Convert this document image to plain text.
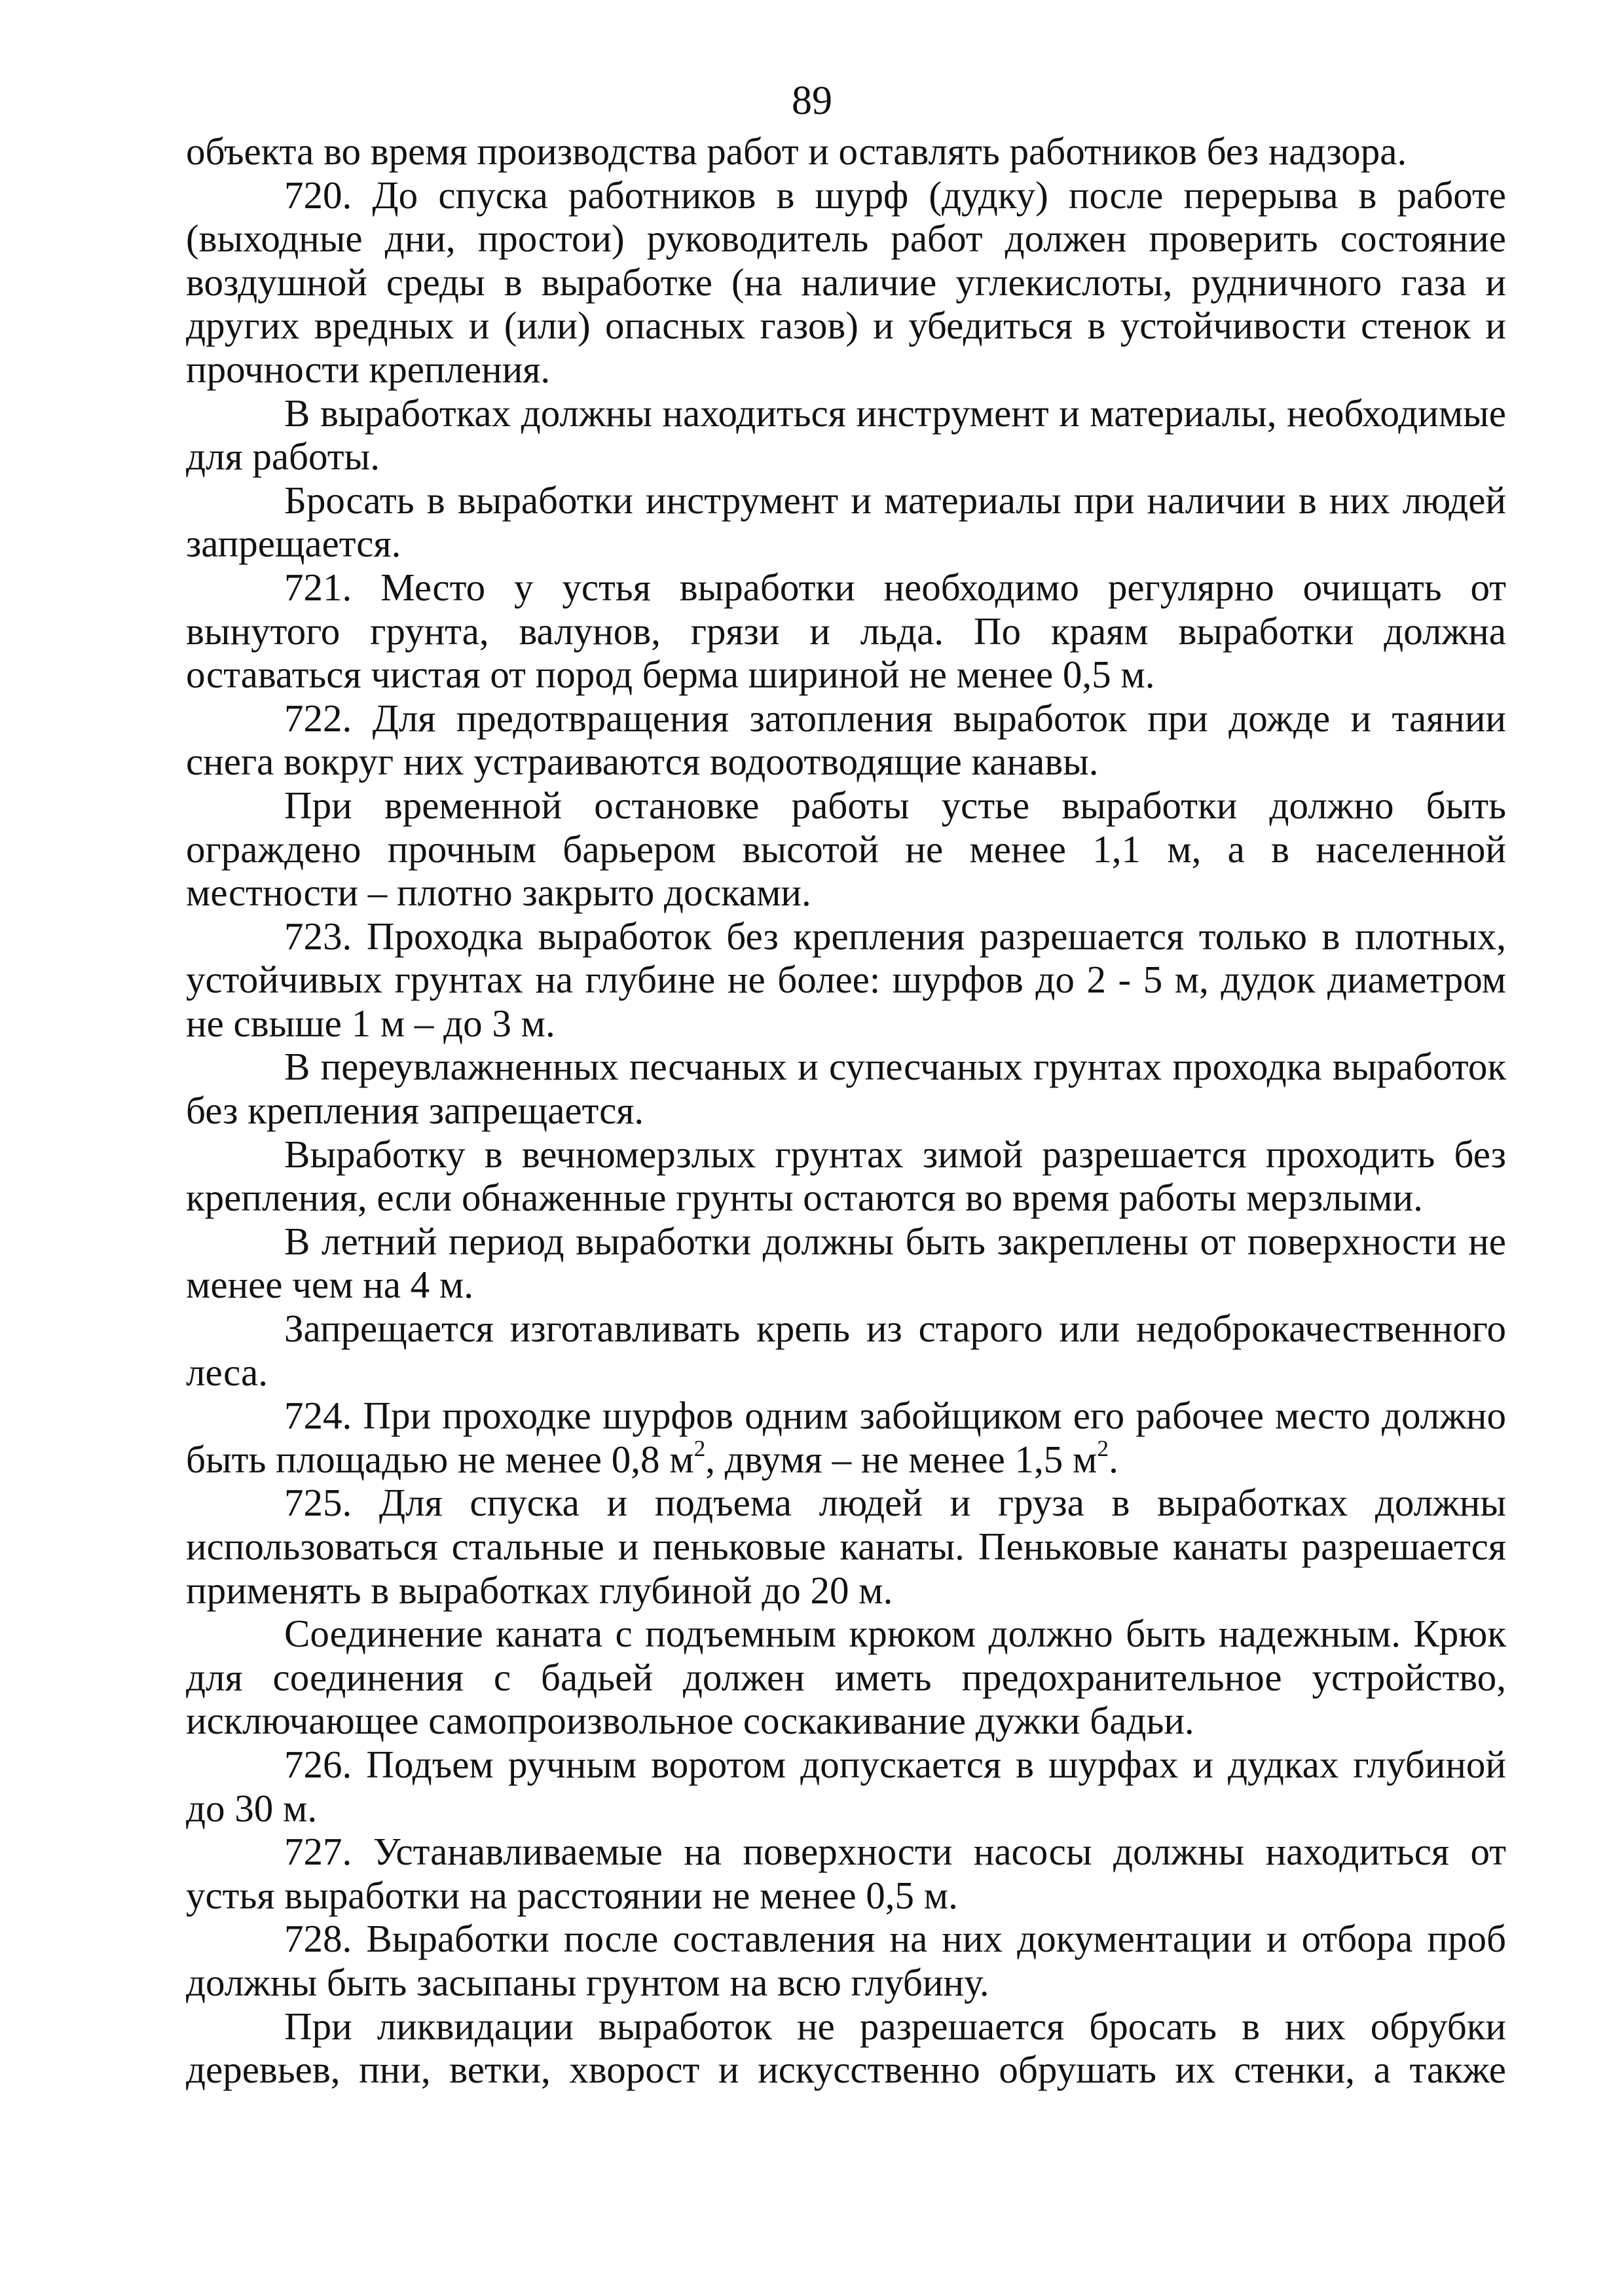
89

объекта во время производства работ и оставлять работников без надзора.

720. До спуска работников в шурф (дудку) после перерыва в работе (выходные дни, простои) руководитель работ должен проверить состояние воздушной среды в выработке (на наличие углекислоты, рудничного газа и других вредных и (или) опасных газов) и убедиться в устойчивости стенок и прочности крепления.

В выработках должны находиться инструмент и материалы, необходимые для работы.

Бросать в выработки инструмент и материалы при наличии в них людей запрещается.

721. Место у устья выработки необходимо регулярно очищать от вынутого грунта, валунов, грязи и льда. По краям выработки должна оставаться чистая от пород берма шириной не менее 0,5 м.

722. Для предотвращения затопления выработок при дожде и таянии снега вокруг них устраиваются водоотводящие канавы.

При временной остановке работы устье выработки должно быть ограждено прочным барьером высотой не менее 1,1 м, а в населенной местности – плотно закрыто досками.

723. Проходка выработок без крепления разрешается только в плотных, устойчивых грунтах на глубине не более: шурфов до 2 - 5 м, дудок диаметром не свыше 1 м – до 3 м.

В переувлажненных песчаных и супесчаных грунтах проходка выработок без крепления запрещается.

Выработку в вечномерзлых грунтах зимой разрешается проходить без крепления, если обнаженные грунты остаются во время работы мерзлыми.

В летний период выработки должны быть закреплены от поверхности не менее чем на 4 м.

Запрещается изготавливать крепь из старого или недоброкачественного леса.

724. При проходке шурфов одним забойщиком его рабочее место должно быть площадью не менее 0,8 $м^2$, двумя – не менее 1,5 $м^2$.

725. Для спуска и подъема людей и груза в выработках должны использоваться стальные и пеньковые канаты. Пеньковые канаты разрешается применять в выработках глубиной до 20 м.

Соединение каната с подъемным крюком должно быть надежным. Крюк для соединения с бадьей должен иметь предохранительное устройство, исключающее самопроизвольное соскакивание дужки бадьи.

726. Подъем ручным воротом допускается в шурфах и дудках глубиной до 30 м.

727. Устанавливаемые на поверхности насосы должны находиться от устья выработки на расстоянии не менее 0,5 м.

728. Выработки после составления на них документации и отбора проб должны быть засыпаны грунтом на всю глубину.

При ликвидации выработок не разрешается бросать в них обрубки деревьев, пни, ветки, хворост и искусственно обрушать их стенки, а также
